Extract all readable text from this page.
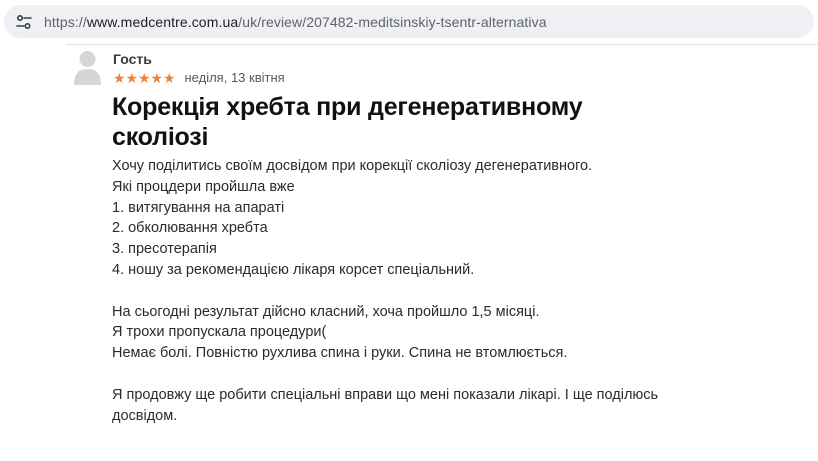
https://www.medcentre.com.ua/uk/review/207482-meditsinskiy-tsentr-alternativa
Гость
★ ★ ★ ★ ★ неділя, 13 квітня
Корекція хребта при дегенеративному сколіозі

Хочу поділитись своїм досвідом при корекції сколіозу дегенеративного.

Які процдери пройшла вже

1. витягування на апараті

2. обколювання хребта

3. пресотерапія

4. ношу за рекомендацією лікаря корсет спеціальний.

На сьогодні результат дійсно класний, хоча пройшло 1,5 місяці.

Я трохи пропускала процедури(

Немає болі. Повністю рухлива спина і руки. Спина не втомлюється.

Я продовжу ще робити спеціальні вправи що мені показали лікарі. І ще поділюсь досвідом.
